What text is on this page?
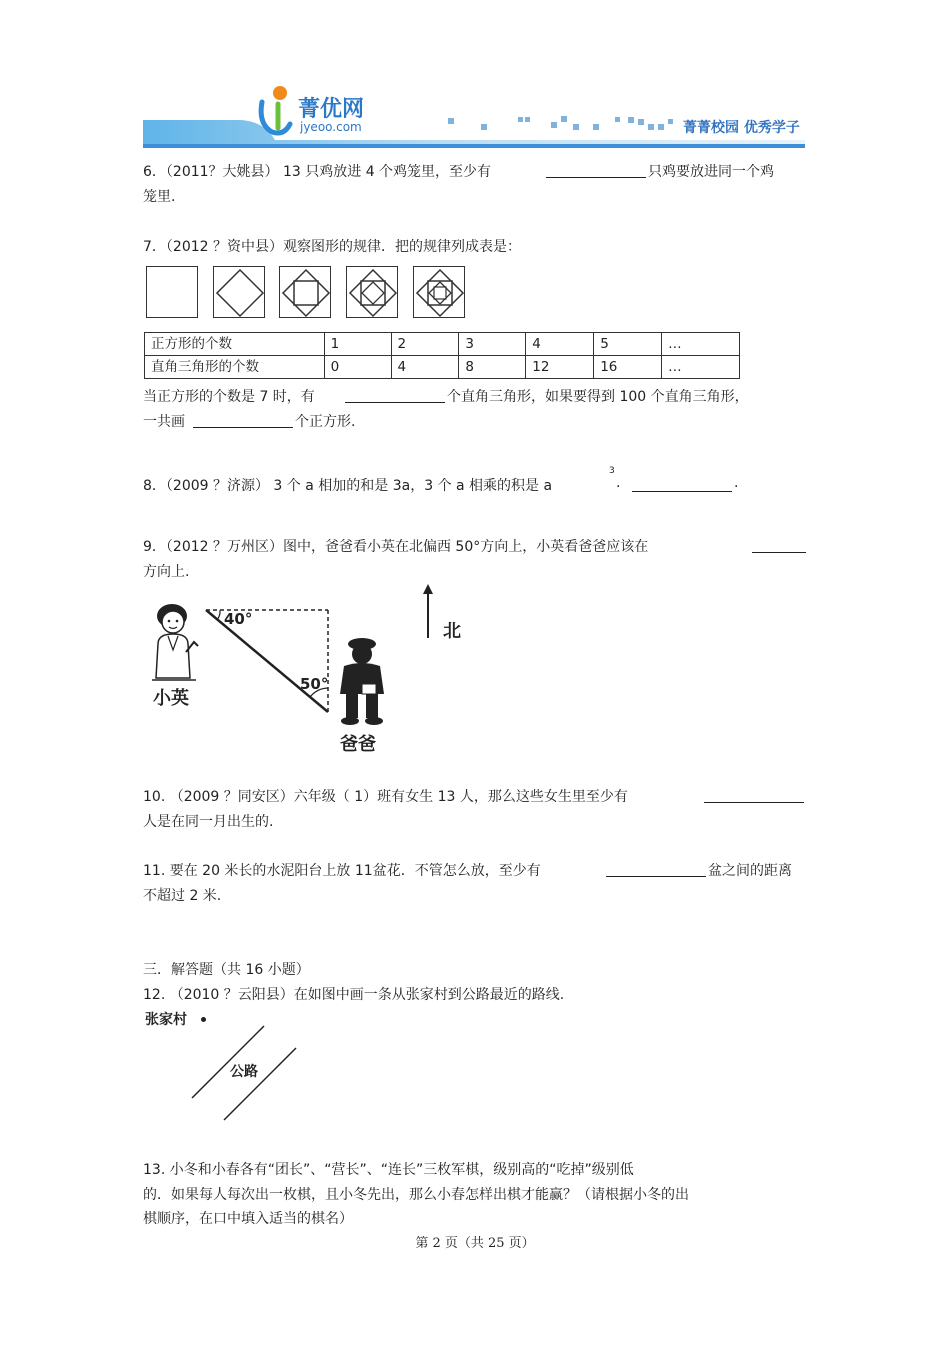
菁优网
jyeoo.com	菁菁校园 优秀学子
6．（2011？大姚县） 13 只鸡放进 4 个鸡笼里，至少有	只鸡要放进同一个鸡
笼里.
7．（2012 ？资中县）观察图形的规律．把的规律列成表是：
正方形的个数	1	2	3	4	5	…
直角三角形的个数	0	4	8	12	16	…
当正方形的个数是 7 时，有	个直角三角形，如果要得到 100 个直角三角形，
一共画	个正方形.
8．（2009 ？济源） 3 个 a 相加的和是 3a，3 个 a 相乘的积是 a
3
.	.
9．（2012 ？万州区）图中，爸爸看小英在北偏西 50°方向上，小英看爸爸应该在
方向上.
小英
40°
50°
爸爸
北
10. （2009 ？同安区）六年级（ 1）班有女生 13 人，那么这些女生里至少有
人是在同一月出生的.
11. 要在 20 米长的水泥阳台上放 11盆花．不管怎么放，至少有	盆之间的距离
不超过 2 米.
三．解答题（共 16 小题）
12. （2010 ？云阳县）在如图中画一条从张家村到公路最近的路线.
张家村
公路
13. 小冬和小春各有“团长”、“营长”、“连长”三枚军棋，级别高的“吃掉”级别低
的．如果每人每次出一枚棋，且小冬先出，那么小春怎样出棋才能赢？（请根据小冬的出
棋顺序，在口中填入适当的棋名）
第 2 页（共 25 页）
